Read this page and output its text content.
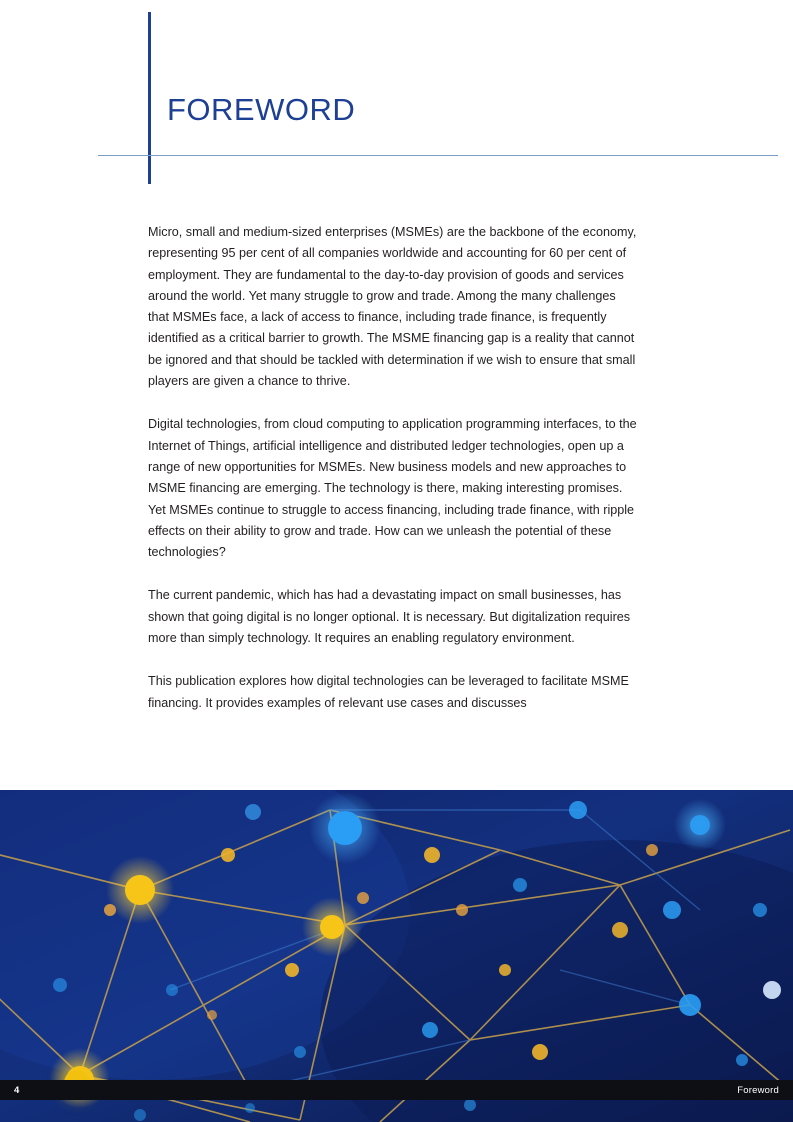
FOREWORD

Micro, small and medium-sized enterprises (MSMEs) are the backbone of the economy, representing 95 per cent of all companies worldwide and accounting for 60 per cent of employment. They are fundamental to the day-to-day provision of goods and services around the world. Yet many struggle to grow and trade. Among the many challenges that MSMEs face, a lack of access to finance, including trade finance, is frequently identified as a critical barrier to growth. The MSME financing gap is a reality that cannot be ignored and that should be tackled with determination if we wish to ensure that small players are given a chance to thrive.

Digital technologies, from cloud computing to application programming interfaces, to the Internet of Things, artificial intelligence and distributed ledger technologies, open up a range of new opportunities for MSMEs. New business models and new approaches to MSME financing are emerging. The technology is there, making interesting promises. Yet MSMEs continue to struggle to access financing, including trade finance, with ripple effects on their ability to grow and trade. How can we unleash the potential of these technologies?

The current pandemic, which has had a devastating impact on small businesses, has shown that going digital is no longer optional. It is necessary. But digitalization requires more than simply technology. It requires an enabling regulatory environment.

This publication explores how digital technologies can be leveraged to facilitate MSME financing. It provides examples of relevant use cases and discusses

4	Foreword
